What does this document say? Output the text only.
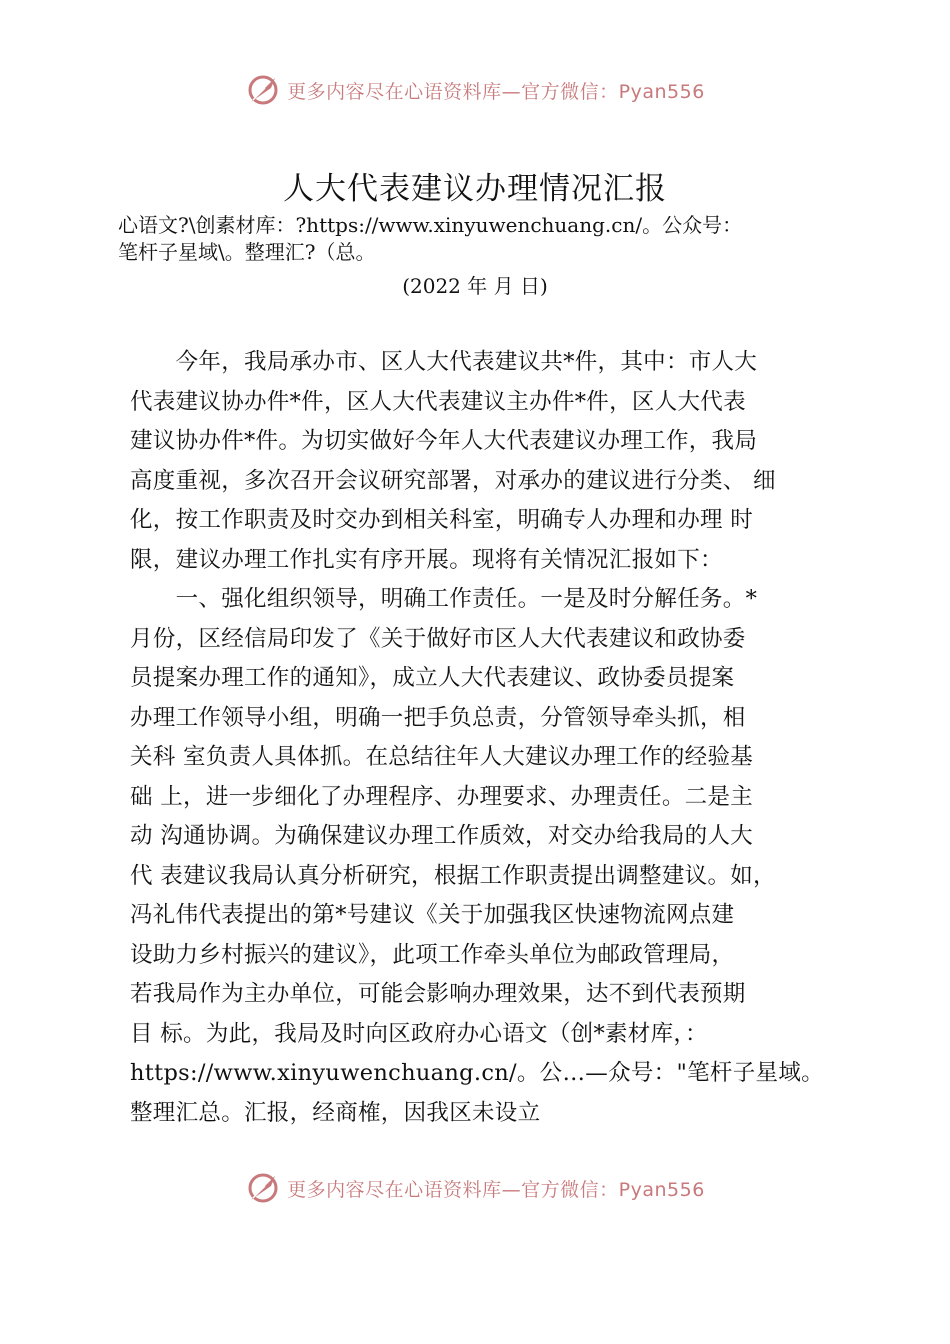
更多内容尽在心语资料库—官方微信：Pyan556
人大代表建议办理情况汇报
心语文?\创素材库：?https://www.xinyuwenchuang.cn/。公众号：
笔杆子星域\。整理汇?（总。
(2022 年 月 日)
　　今年，我局承办市、区人大代表建议共*件，其中：市人大
代表建议协办件*件，区人大代表建议主办件*件，区人大代表
建议协办件*件。为切实做好今年人大代表建议办理工作，我局
高度重视，多次召开会议研究部署，对承办的建议进行分类、 细
化，按工作职责及时交办到相关科室，明确专人办理和办理 时
限，建议办理工作扎实有序开展。现将有关情况汇报如下：
　　一、强化组织领导，明确工作责任。一是及时分解任务。*
月份，区经信局印发了《关于做好市区人大代表建议和政协委
员提案办理工作的通知》，成立人大代表建议、政协委员提案
办理工作领导小组，明确一把手负总责，分管领导牵头抓，相
关科 室负责人具体抓。在总结往年人大建议办理工作的经验基
础 上，进一步细化了办理程序、办理要求、办理责任。二是主
动 沟通协调。为确保建议办理工作质效，对交办给我局的人大
代 表建议我局认真分析研究，根据工作职责提出调整建议。如，
冯礼伟代表提出的第*号建议《关于加强我区快速物流网点建
设助力乡村振兴的建议》，此项工作牵头单位为邮政管理局，
若我局作为主办单位，可能会影响办理效果，达不到代表预期
目 标。为此，我局及时向区政府办心语文（创*素材库，：
https://www.xinyuwenchuang.cn/。公…—众号："笔杆子星域。
整理汇总。汇报，经商榷，因我区未设立
更多内容尽在心语资料库—官方微信：Pyan556
